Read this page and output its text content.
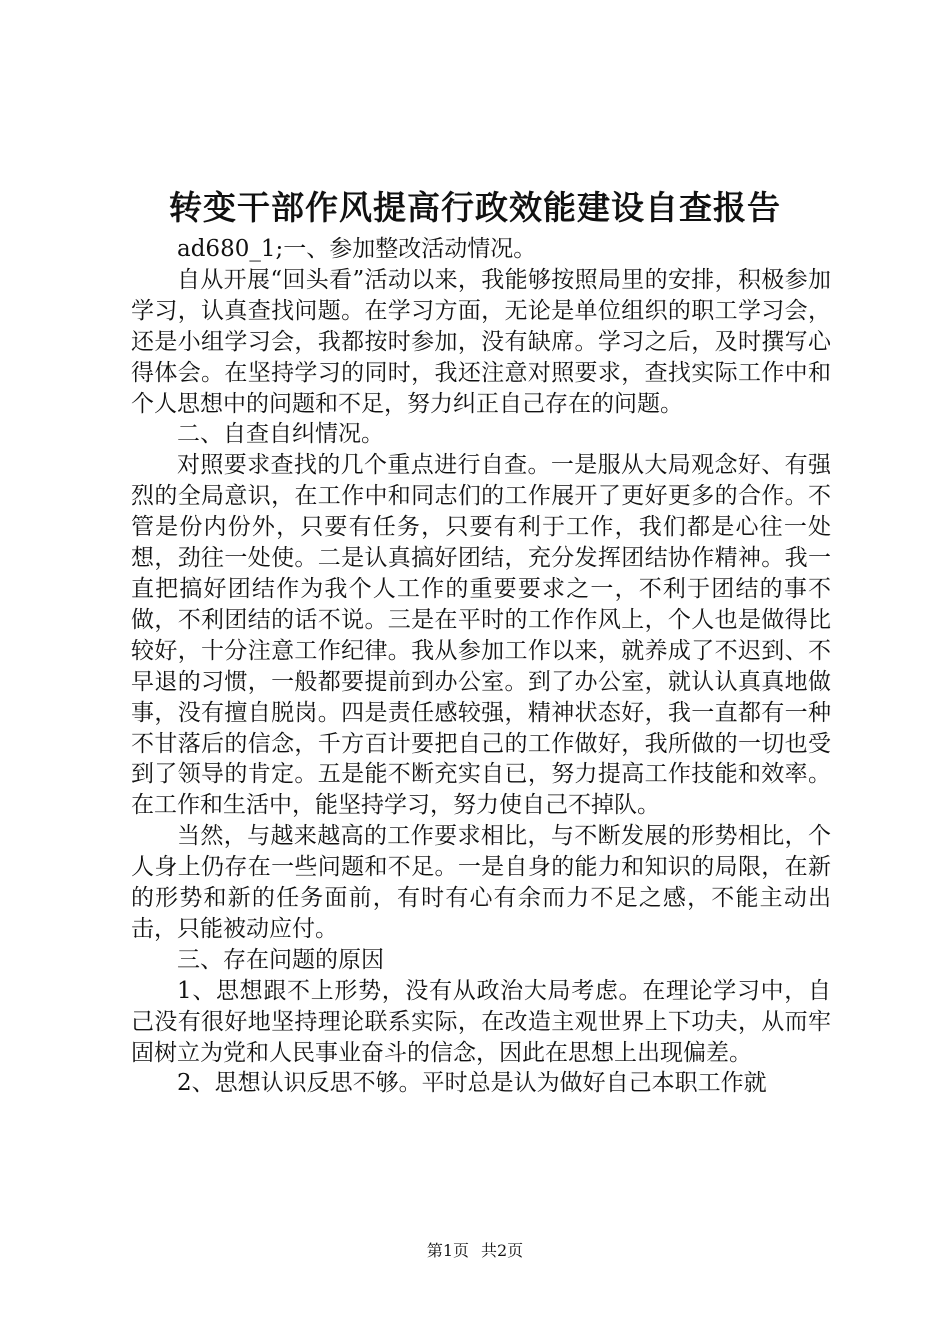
转变干部作风提高行政效能建设自查报告

ad680_1;一、参加整改活动情况。

自从开展“回头看”活动以来，我能够按照局里的安排，积极参加学习，认真查找问题。在学习方面，无论是单位组织的职工学习会，还是小组学习会，我都按时参加，没有缺席。学习之后，及时撰写心得体会。在坚持学习的同时，我还注意对照要求，查找实际工作中和个人思想中的问题和不足，努力纠正自己存在的问题。

二、自查自纠情况。

对照要求查找的几个重点进行自查。一是服从大局观念好、有强烈的全局意识，在工作中和同志们的工作展开了更好更多的合作。不管是份内份外，只要有任务，只要有利于工作，我们都是心往一处想，劲往一处使。二是认真搞好团结，充分发挥团结协作精神。我一直把搞好团结作为我个人工作的重要要求之一，不利于团结的事不做，不利团结的话不说。三是在平时的工作作风上，个人也是做得比较好，十分注意工作纪律。我从参加工作以来，就养成了不迟到、不早退的习惯，一般都要提前到办公室。到了办公室，就认认真真地做事，没有擅自脱岗。四是责任感较强，精神状态好，我一直都有一种不甘落后的信念，千方百计要把自己的工作做好，我所做的一切也受到了领导的肯定。五是能不断充实自已，努力提高工作技能和效率。在工作和生活中，能坚持学习，努力使自己不掉队。

当然，与越来越高的工作要求相比，与不断发展的形势相比，个人身上仍存在一些问题和不足。一是自身的能力和知识的局限，在新的形势和新的任务面前，有时有心有余而力不足之感，不能主动出击，只能被动应付。

三、存在问题的原因

1、思想跟不上形势，没有从政治大局考虑。在理论学习中，自己没有很好地坚持理论联系实际，在改造主观世界上下功夫，从而牢固树立为党和人民事业奋斗的信念，因此在思想上出现偏差。

2、思想认识反思不够。平时总是认为做好自己本职工作就

第1页 共2页
